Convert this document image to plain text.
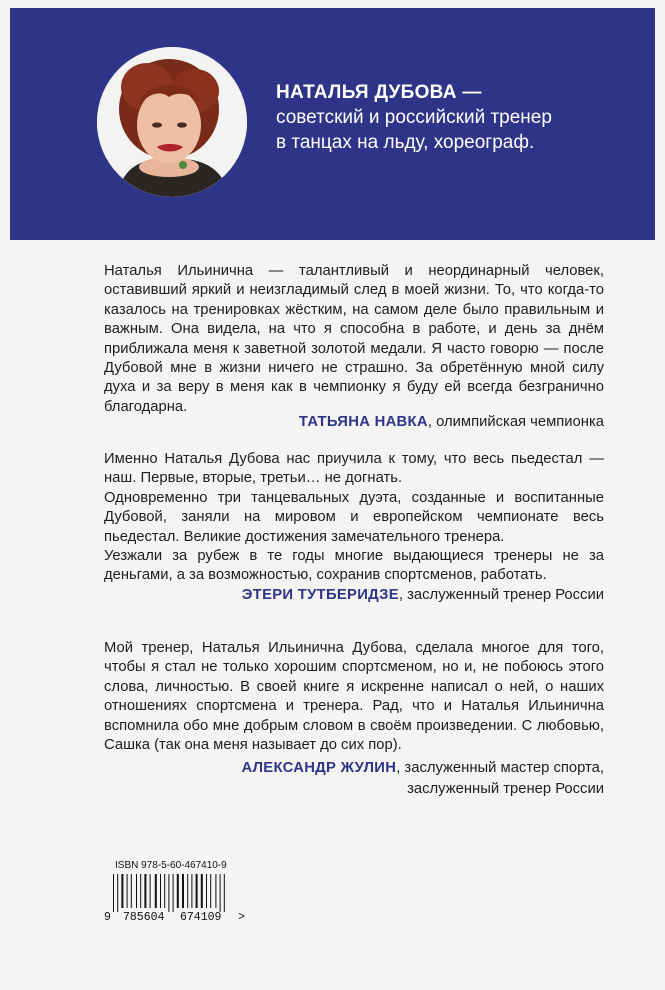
НАТАЛЬЯ ДУБОВА —
советский и российский тренер
в танцах на льду, хореограф.

Наталья Ильинична — талантливый и неординарный человек, оставивший яркий и неизгладимый след в моей жизни. То, что когда-то казалось на тренировках жёстким, на самом деле было правильным и важным. Она видела, на что я способна в работе, и день за днём приближала меня к заветной золотой медали. Я часто говорю — после Дубовой мне в жизни ничего не страшно. За обретённую мной силу духа и за веру в меня как в чемпионку я буду ей всегда безгранично благодарна.

ТАТЬЯНА НАВКА, олимпийская чемпионка

Именно Наталья Дубова нас приучила к тому, что весь пьедестал — наш. Первые, вторые, третьи… не догнать.

Одновременно три танцевальных дуэта, созданные и воспитанные Дубовой, заняли на мировом и европейском чемпионате весь пьедестал. Великие достижения замечательного тренера.

Уезжали за рубеж в те годы многие выдающиеся тренеры не за деньгами, а за возможностью, сохранив спортсменов, работать.

ЭТЕРИ ТУТБЕРИДЗЕ, заслуженный тренер России

Мой тренер, Наталья Ильинична Дубова, сделала многое для того, чтобы я стал не только хорошим спортсменом, но и, не побоюсь этого слова, личностью. В своей книге я искренне написал о ней, о наших отношениях спортсмена и тренера. Рад, что и Наталья Ильинична вспомнила обо мне добрым словом в своём произведении. С любовью, Сашка (так она меня называет до сих пор).

АЛЕКСАНДР ЖУЛИН, заслуженный мастер спорта,
заслуженный тренер России
ISBN 978-5-60-467410-9
9 785604 674109 >
